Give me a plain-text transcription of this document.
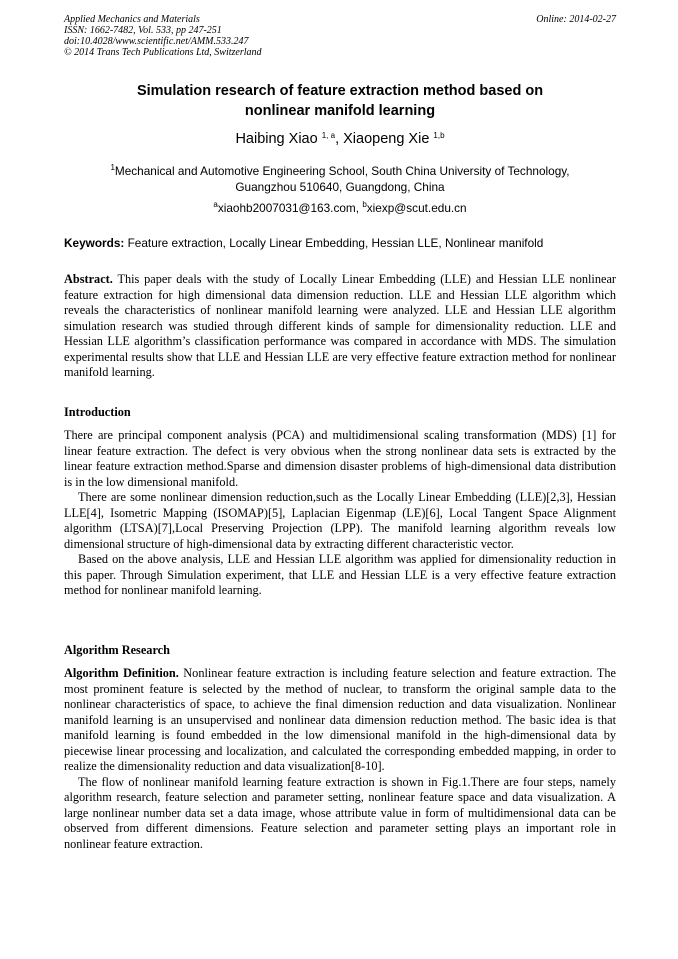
Applied Mechanics and Materials
ISSN: 1662-7482, Vol. 533, pp 247-251
doi:10.4028/www.scientific.net/AMM.533.247
© 2014 Trans Tech Publications Ltd, Switzerland
Online: 2014-02-27
Simulation research of feature extraction method based on
nonlinear manifold learning
Haibing Xiao $^{1, a}$, Xiaopeng Xie $^{1,b}$
$^1$Mechanical and Automotive Engineering School, South China University of Technology,
Guangzhou 510640, Guangdong, China
$^a$xiaohb2007031@163.com, $^b$xiexp@scut.edu.cn
Keywords: Feature extraction, Locally Linear Embedding, Hessian LLE, Nonlinear manifold

Abstract. This paper deals with the study of Locally Linear Embedding (LLE) and Hessian LLE nonlinear feature extraction for high dimensional data dimension reduction. LLE and Hessian LLE algorithm which reveals the characteristics of nonlinear manifold learning were analyzed. LLE and Hessian LLE algorithm simulation research was studied through different kinds of sample for dimensionality reduction. LLE and Hessian LLE algorithm’s classification performance was compared in accordance with MDS. The simulation experimental results show that LLE and Hessian LLE are very effective feature extraction method for nonlinear manifold learning.

Introduction

There are principal component analysis (PCA) and multidimensional scaling transformation (MDS) [1] for linear feature extraction. The defect is very obvious when the strong nonlinear data sets is extracted by the linear feature extraction method.Sparse and dimension disaster problems of high-dimensional data distribution is in the low dimensional manifold.

There are some nonlinear dimension reduction,such as the Locally Linear Embedding (LLE)[2,3], Hessian LLE[4], Isometric Mapping (ISOMAP)[5], Laplacian Eigenmap (LE)[6], Local Tangent Space Alignment algorithm (LTSA)[7],Local Preserving Projection (LPP). The manifold learning algorithm reveals low dimensional structure of high-dimensional data by extracting different characteristic vector.

Based on the above analysis, LLE and Hessian LLE algorithm was applied for dimensionality reduction in this paper. Through Simulation experiment, that LLE and Hessian LLE is a very effective feature extraction method for nonlinear manifold learning.

Algorithm Research

Algorithm Definition. Nonlinear feature extraction is including feature selection and feature extraction. The most prominent feature is selected by the method of nuclear, to transform the original sample data to the nonlinear characteristics of space, to achieve the final dimension reduction and data visualization. Nonlinear manifold learning is an unsupervised and nonlinear data dimension reduction method. The basic idea is that manifold learning is found embedded in the low dimensional manifold in the high-dimensional data by piecewise linear processing and localization, and calculated the corresponding embedded mapping, in order to realize the dimensionality reduction and data visualization[8-10].

The flow of nonlinear manifold learning feature extraction is shown in Fig.1.There are four steps, namely algorithm research, feature selection and parameter setting, nonlinear feature space and data visualization. A large nonlinear number data set a data image, whose attribute value in form of multidimensional data can be observed from different dimensions. Feature selection and parameter setting plays an important role in nonlinear feature extraction.
